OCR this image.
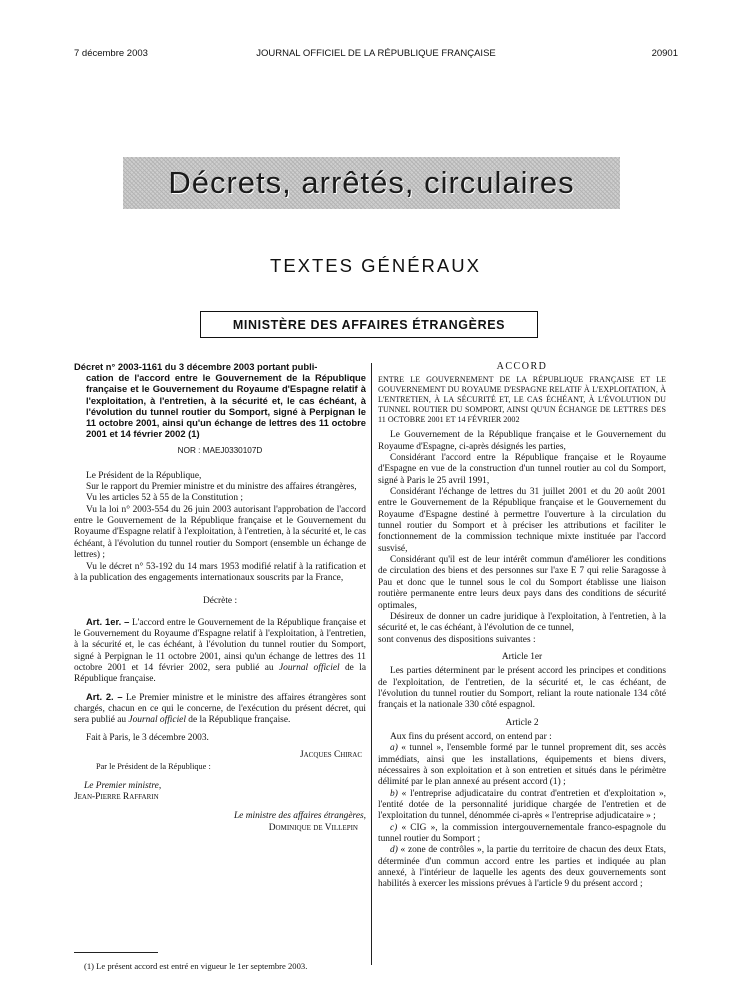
7 décembre 2003	JOURNAL OFFICIEL DE LA RÉPUBLIQUE FRANÇAISE	20901
Décrets, arrêtés, circulaires
TEXTES GÉNÉRAUX
MINISTÈRE DES AFFAIRES ÉTRANGÈRES
Décret n° 2003-1161 du 3 décembre 2003 portant publi-
cation de l'accord entre le Gouvernement de la République française et le Gouvernement du Royaume d'Espagne relatif à l'exploitation, à l'entretien, à la sécurité et, le cas échéant, à l'évolution du tunnel routier du Somport, signé à Perpignan le 11 octobre 2001, ainsi qu'un échange de lettres des 11 octobre 2001 et 14 février 2002 (1)
NOR : MAEJ0330107D
Le Président de la République,
Sur le rapport du Premier ministre et du ministre des affaires étrangères,
Vu les articles 52 à 55 de la Constitution ;
Vu la loi n° 2003-554 du 26 juin 2003 autorisant l'approbation de l'accord entre le Gouvernement de la République française et le Gouvernement du Royaume d'Espagne relatif à l'exploitation, à l'entretien, à la sécurité et, le cas échéant, à l'évolution du tunnel routier du Somport (ensemble un échange de lettres) ;
Vu le décret n° 53-192 du 14 mars 1953 modifié relatif à la ratification et à la publication des engagements internationaux souscrits par la France,
Décrète :
Art. 1er. – L'accord entre le Gouvernement de la République française et le Gouvernement du Royaume d'Espagne relatif à l'exploitation, à l'entretien, à la sécurité et, le cas échéant, à l'évolution du tunnel routier du Somport, signé à Perpignan le 11 octobre 2001, ainsi qu'un échange de lettres des 11 octobre 2001 et 14 février 2002, sera publié au Journal officiel de la République française.
Art. 2. – Le Premier ministre et le ministre des affaires étrangères sont chargés, chacun en ce qui le concerne, de l'exécution du présent décret, qui sera publié au Journal officiel de la République française.
Fait à Paris, le 3 décembre 2003.
Jacques Chirac
Par le Président de la République :
Le Premier ministre,
Jean-Pierre Raffarin
Le ministre des affaires étrangères,
Dominique de Villepin
(1) Le présent accord est entré en vigueur le 1er septembre 2003.
ACCORD
ENTRE LE GOUVERNEMENT DE LA RÉPUBLIQUE FRANÇAISE ET LE GOUVERNEMENT DU ROYAUME D'ESPAGNE RELATIF À L'EXPLOITATION, À L'ENTRETIEN, À LA SÉCURITÉ ET, LE CAS ÉCHÉANT, À L'ÉVOLUTION DU TUNNEL ROUTIER DU SOMPORT, AINSI QU'UN ÉCHANGE DE LETTRES DES 11 OCTOBRE 2001 ET 14 FÉVRIER 2002
Le Gouvernement de la République française et le Gouvernement du Royaume d'Espagne, ci-après désignés les parties,
Considérant l'accord entre la République française et le Royaume d'Espagne en vue de la construction d'un tunnel routier au col du Somport, signé à Paris le 25 avril 1991,
Considérant l'échange de lettres du 31 juillet 2001 et du 20 août 2001 entre le Gouvernement de la République française et le Gouvernement du Royaume d'Espagne destiné à permettre l'ouverture à la circulation du tunnel routier du Somport et à préciser les attributions et faciliter le fonctionnement de la commission technique mixte instituée par l'accord susvisé,
Considérant qu'il est de leur intérêt commun d'améliorer les conditions de circulation des biens et des personnes sur l'axe E 7 qui relie Saragosse à Pau et donc que le tunnel sous le col du Somport établisse une liaison routière permanente entre leurs deux pays dans des conditions de sécurité optimales,
Désireux de donner un cadre juridique à l'exploitation, à l'entretien, à la sécurité et, le cas échéant, à l'évolution de ce tunnel,
sont convenus des dispositions suivantes :
Article 1er
Les parties déterminent par le présent accord les principes et conditions de l'exploitation, de l'entretien, de la sécurité et, le cas échéant, de l'évolution du tunnel routier du Somport, reliant la route nationale 134 côté français et la nationale 330 côté espagnol.
Article 2
Aux fins du présent accord, on entend par :
a) « tunnel », l'ensemble formé par le tunnel proprement dit, ses accès immédiats, ainsi que les installations, équipements et biens divers, nécessaires à son exploitation et à son entretien et situés dans le périmètre délimité par le plan annexé au présent accord (1) ;
b) « l'entreprise adjudicataire du contrat d'entretien et d'exploitation », l'entité dotée de la personnalité juridique chargée de l'entretien et de l'exploitation du tunnel, dénommée ci-après « l'entreprise adjudicataire » ;
c) « CIG », la commission intergouvernementale franco-espagnole du tunnel routier du Somport ;
d) « zone de contrôles », la partie du territoire de chacun des deux Etats, déterminée d'un commun accord entre les parties et indiquée au plan annexé, à l'intérieur de laquelle les agents des deux gouvernements sont habilités à exercer les missions prévues à l'article 9 du présent accord ;
